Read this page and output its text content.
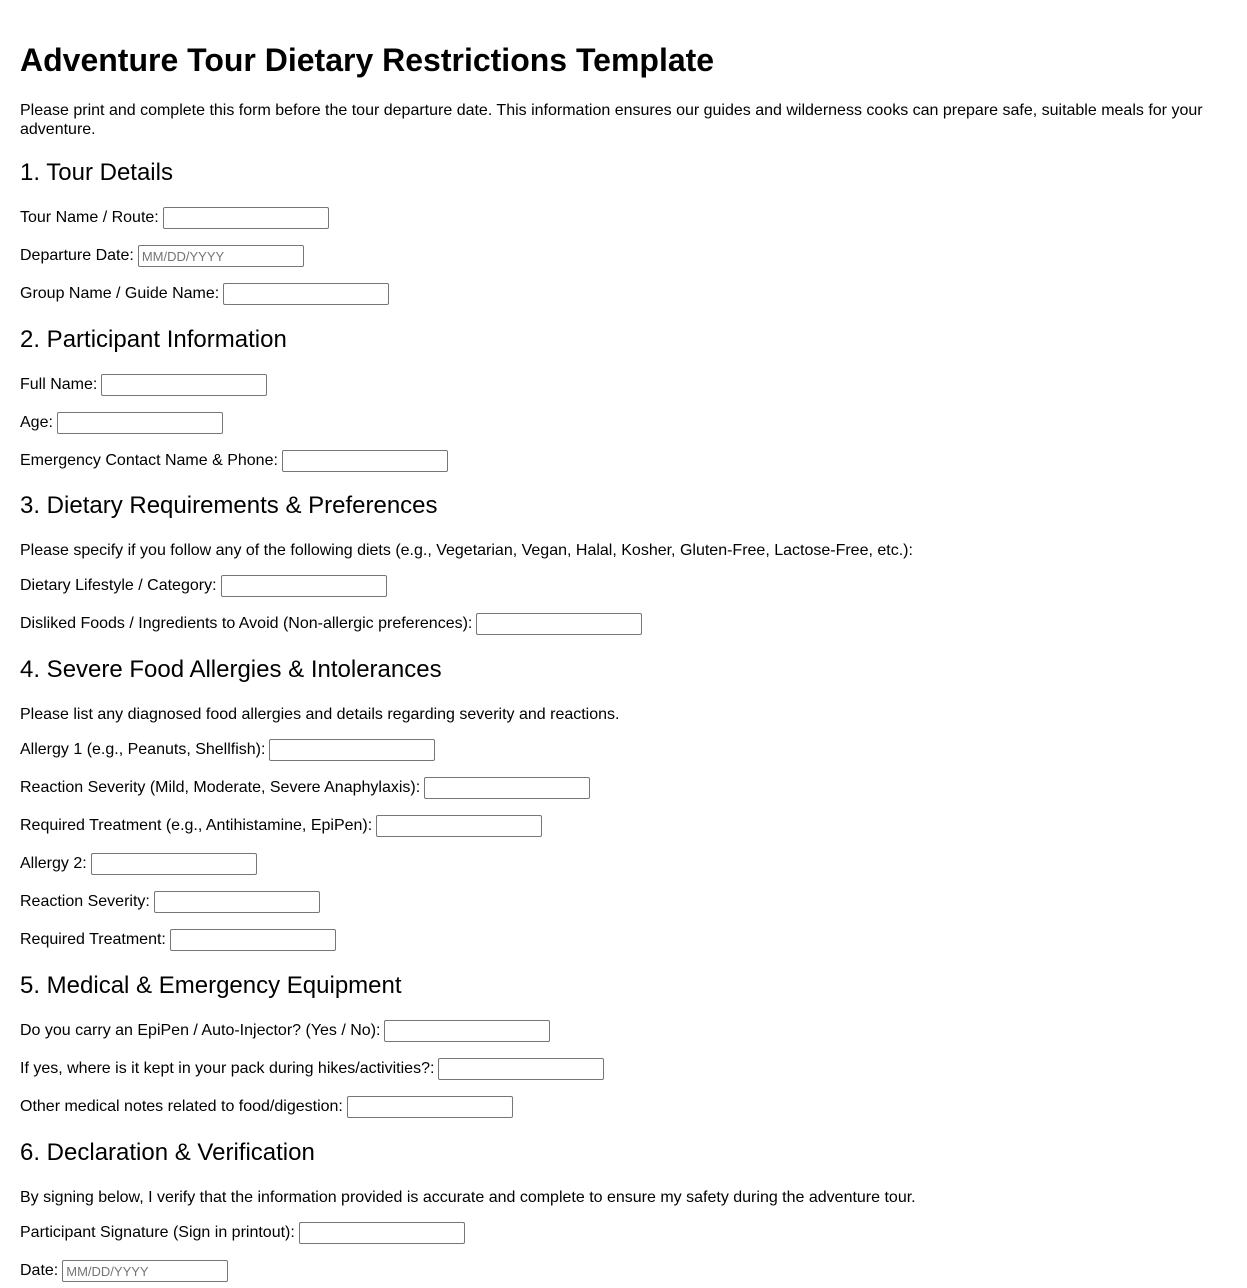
Adventure Tour Dietary Restrictions Template

Please print and complete this form before the tour departure date. This information ensures our guides and wilderness cooks can prepare safe, suitable meals for your adventure.

1. Tour Details
Tour Name / Route:
Departure Date:
MM/DD/YYYY
Group Name / Guide Name:
2. Participant Information
Full Name:
Age:
Emergency Contact Name & Phone:
3. Dietary Requirements & Preferences

Please specify if you follow any of the following diets (e.g., Vegetarian, Vegan, Halal, Kosher, Gluten-Free, Lactose-Free, etc.):

Dietary Lifestyle / Category:
Disliked Foods / Ingredients to Avoid (Non-allergic preferences):
4. Severe Food Allergies & Intolerances

Please list any diagnosed food allergies and details regarding severity and reactions.

Allergy 1 (e.g., Peanuts, Shellfish):
Reaction Severity (Mild, Moderate, Severe Anaphylaxis):
Required Treatment (e.g., Antihistamine, EpiPen):
Allergy 2:
Reaction Severity:
Required Treatment:
5. Medical & Emergency Equipment
Do you carry an EpiPen / Auto-Injector? (Yes / No):
If yes, where is it kept in your pack during hikes/activities?:
Other medical notes related to food/digestion:
6. Declaration & Verification

By signing below, I verify that the information provided is accurate and complete to ensure my safety during the adventure tour.

Participant Signature (Sign in printout):
Date:
MM/DD/YYYY
